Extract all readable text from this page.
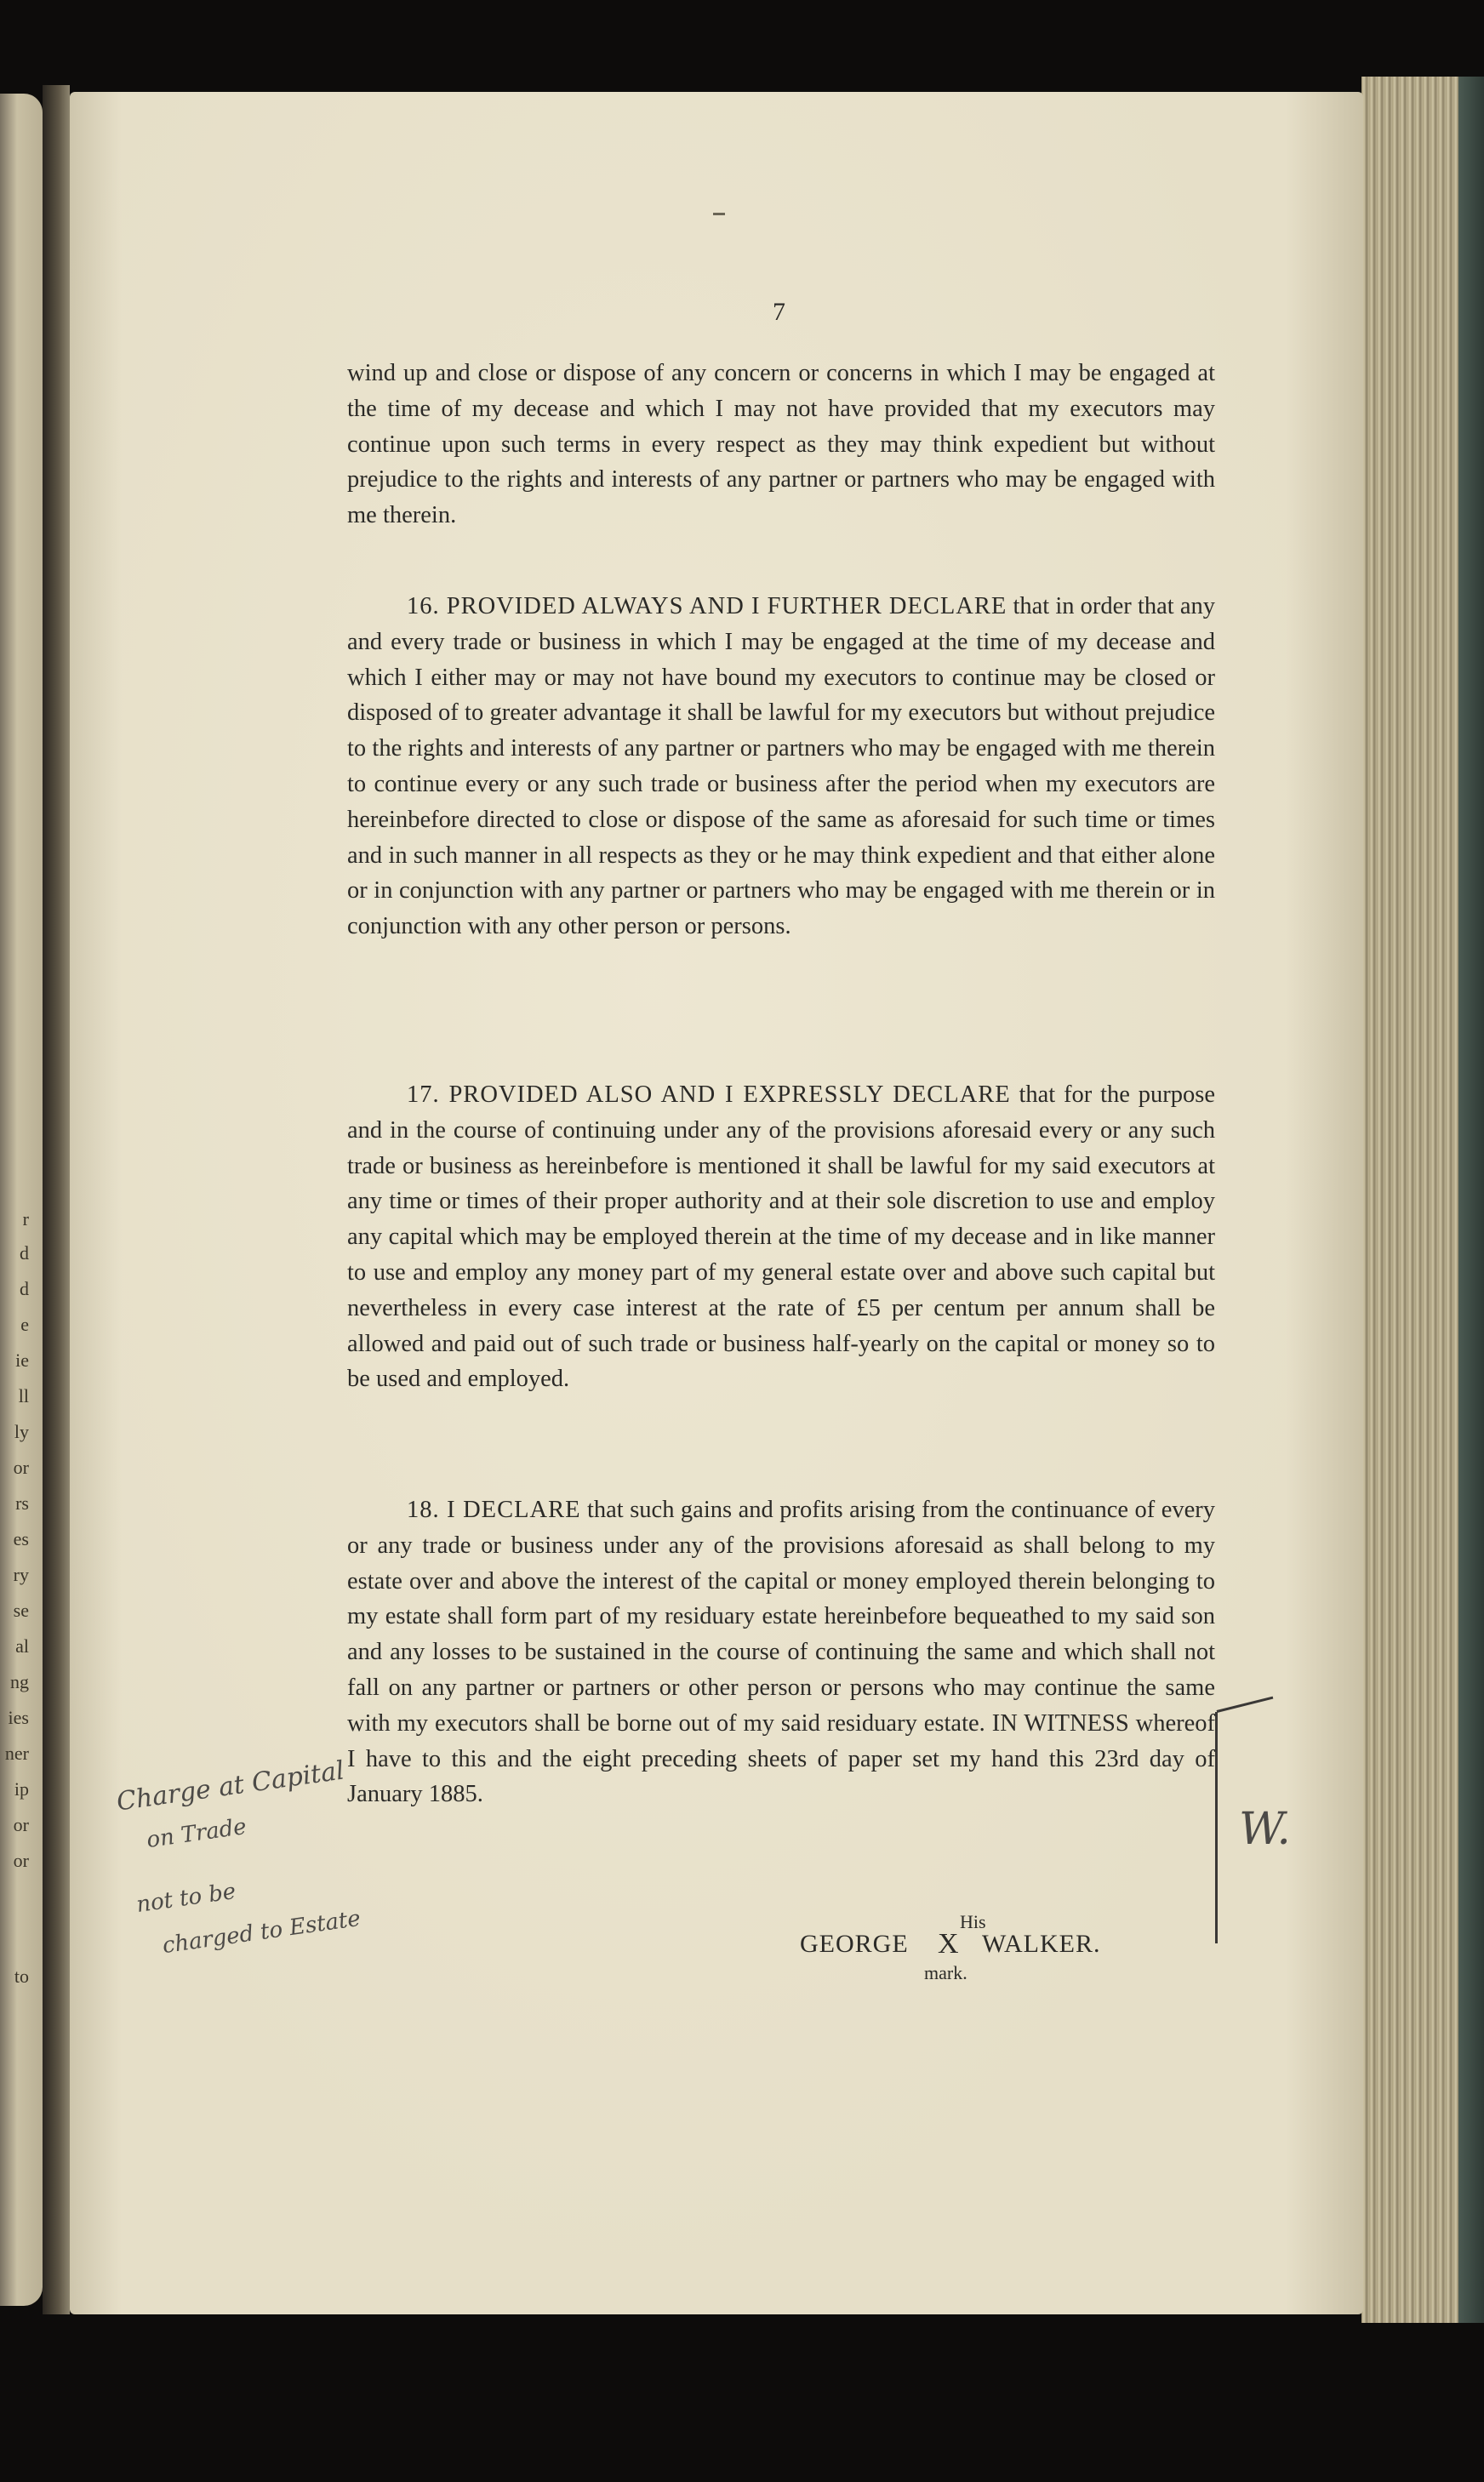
r
d
d
e
ie
ll
ly
or
rs
es
ry
se
al
ng
ies
ner
ip
or
or
to
7

wind up and close or dispose of any concern or concerns in which I may be engaged at the time of my decease and which I may not have provided that my executors may continue upon such terms in every respect as they may think expedient but without prejudice to the rights and interests of any partner or partners who may be engaged with me therein.

16. PROVIDED ALWAYS AND I FURTHER DECLARE that in order that any and every trade or business in which I may be engaged at the time of my decease and which I either may or may not have bound my executors to continue may be closed or disposed of to greater advantage it shall be lawful for my executors but without prejudice to the rights and interests of any partner or partners who may be engaged with me therein to continue every or any such trade or business after the period when my executors are hereinbefore directed to close or dispose of the same as aforesaid for such time or times and in such manner in all respects as they or he may think expedient and that either alone or in conjunction with any partner or partners who may be engaged with me therein or in conjunction with any other person or persons.

17. PROVIDED ALSO AND I EXPRESSLY DECLARE that for the purpose and in the course of continuing under any of the provisions aforesaid every or any such trade or business as hereinbefore is mentioned it shall be lawful for my said executors at any time or times of their proper authority and at their sole discretion to use and employ any capital which may be employed therein at the time of my decease and in like manner to use and employ any money part of my general estate over and above such capital but nevertheless in every case interest at the rate of £5 per centum per annum shall be allowed and paid out of such trade or business half-yearly on the capital or money so to be used and employed.

18. I DECLARE that such gains and profits arising from the continuance of every or any trade or business under any of the provisions aforesaid as shall belong to my estate over and above the interest of the capital or money employed therein belonging to my estate shall form part of my residuary estate hereinbefore bequeathed to my said son and any losses to be sustained in the course of continuing the same and which shall not fall on any partner or partners or other person or persons who may continue the same with my executors shall be borne out of my said residuary estate. IN WITNESS whereof I have to this and the eight preceding sheets of paper set my hand this 23rd day of January 1885.

His
GEORGE X WALKER.
mark.
Charge at Capital
on Trade
not to be
charged to Estate
W.
